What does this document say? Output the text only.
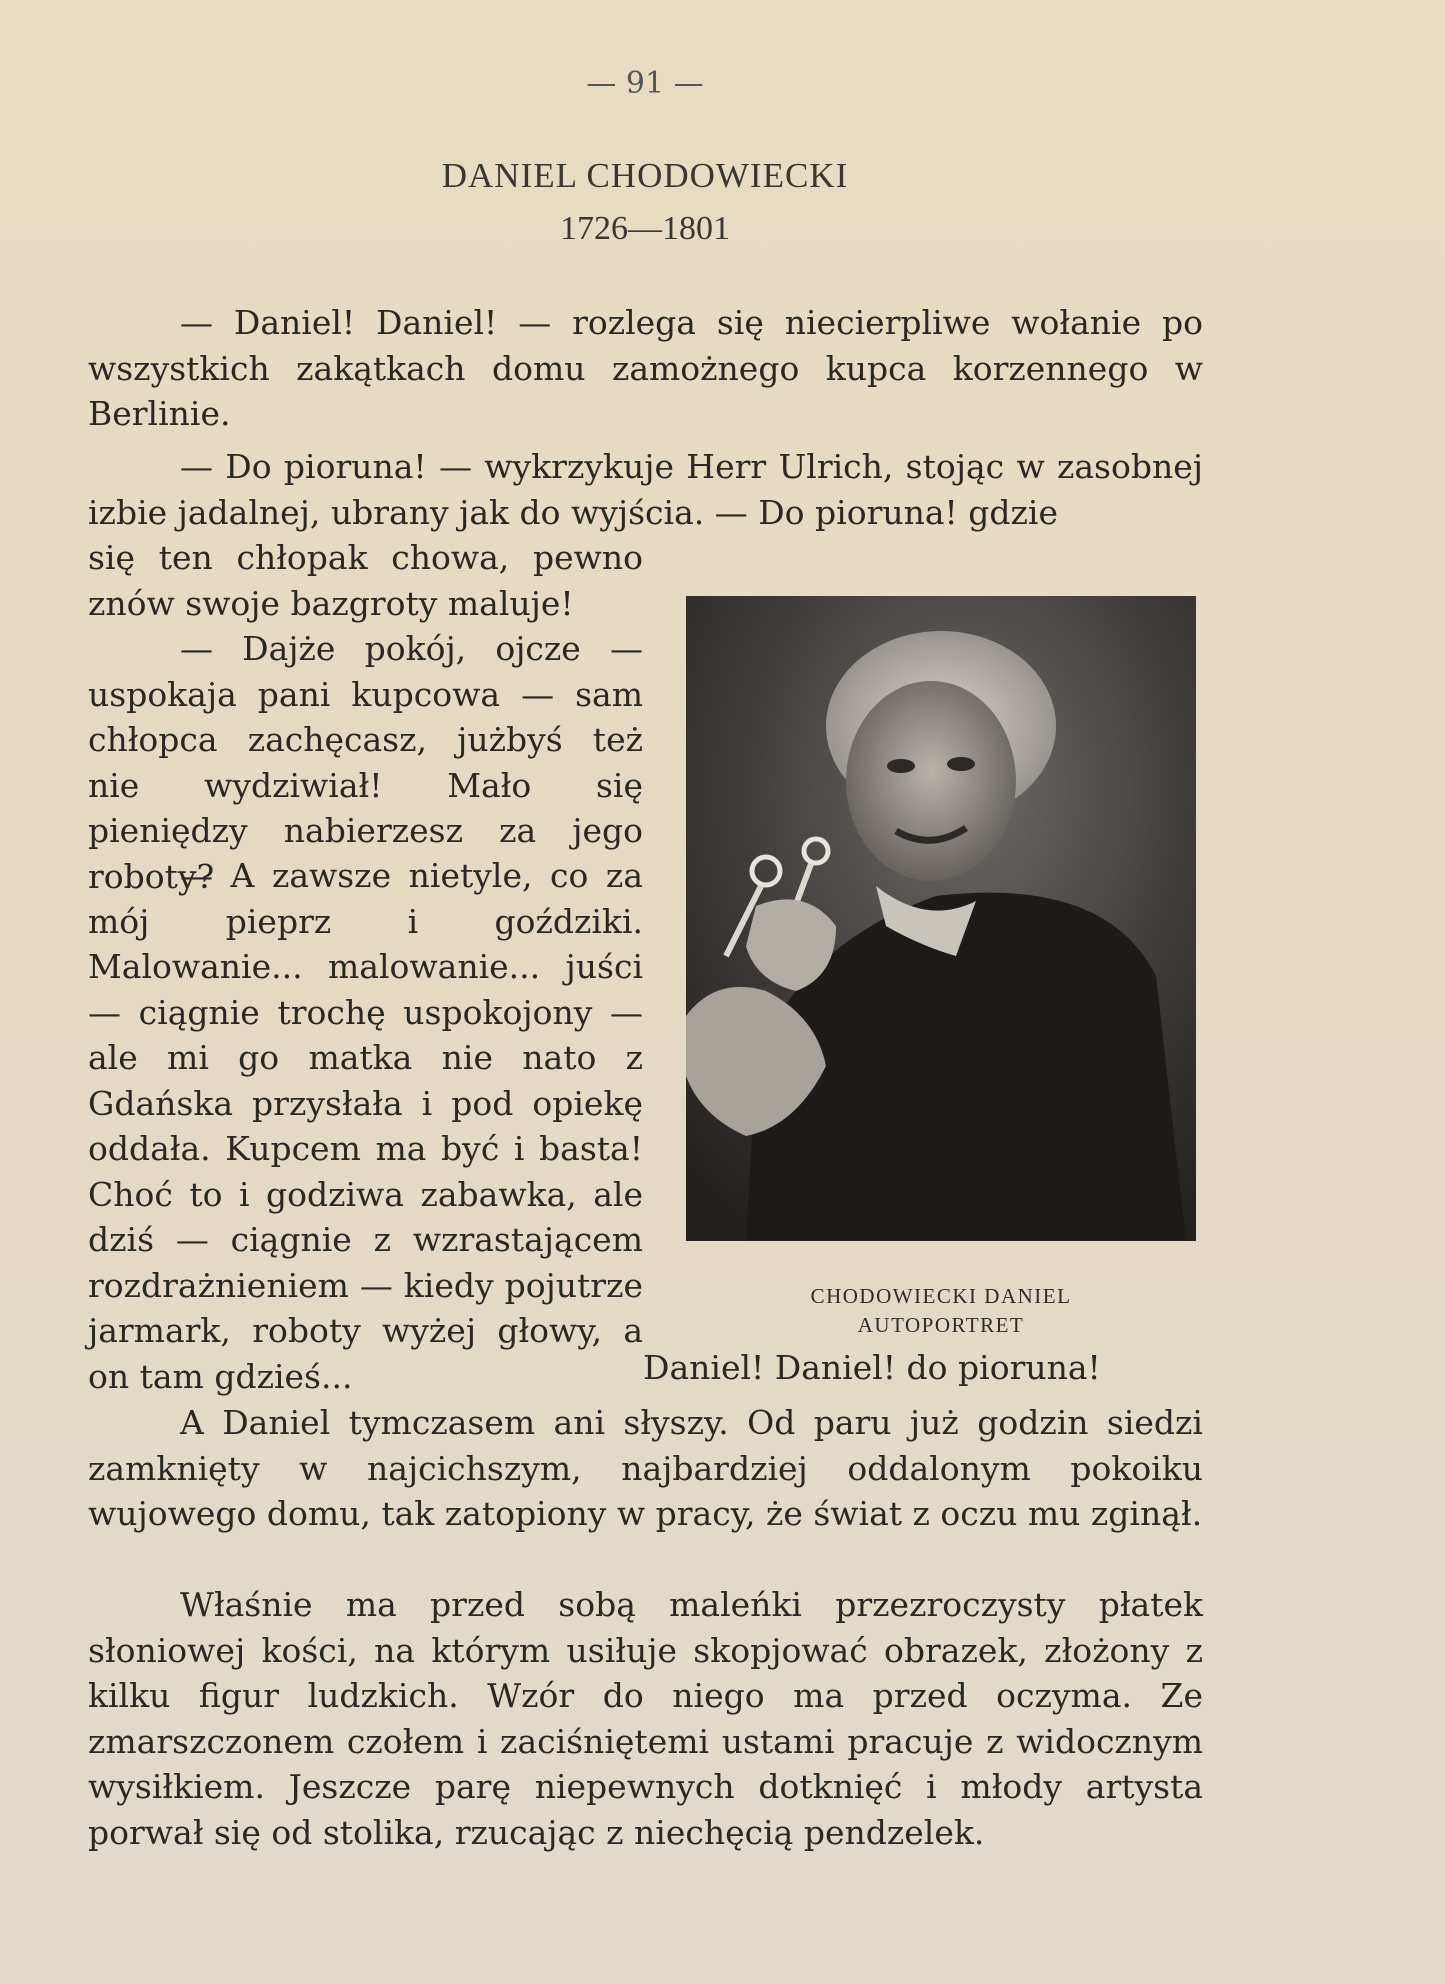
— 91 —
DANIEL CHODOWIECKI
1726—1801

— Daniel! Daniel! — rozlega się niecierpliwe wołanie po wszystkich zakątkach domu zamożnego kupca korzennego w Berlinie.

— Do pioruna! — wykrzykuje Herr Ulrich, stojąc w zasobnej izbie jadalnej, ubrany jak do wyjścia. — Do pioruna! gdzie

się ten chłopak chowa, pewno znów swoje bazgroty maluje!

— Dajże pokój, ojcze — uspokaja pani kupcowa — sam chłopca zachęcasz, jużbyś też nie wydziwiał! Mało się pieniędzy nabierzesz za jego roboty?

— A zawsze nietyle, co za mój pieprz i goździki. Malowanie... malowanie... juści — ciągnie trochę uspokojony — ale mi go matka nie nato z Gdańska przysłała i pod opiekę oddała. Kupcem ma być i basta! Choć to i godziwa zabawka, ale dziś — ciągnie z wzrastającem rozdrażnieniem — kiedy pojutrze jarmark, roboty wyżej głowy, a on tam gdzieś...	Daniel! Daniel! do pioruna!

A Daniel tymczasem ani słyszy. Od paru już godzin siedzi zamknięty w najcichszym, najbardziej oddalonym pokoiku wujowego domu, tak zatopiony w pracy, że świat z oczu mu zginął.

Właśnie ma przed sobą maleńki przezroczysty płatek słoniowej kości, na którym usiłuje skopjować obrazek, złożony z kilku figur ludzkich. Wzór do niego ma przed oczyma. Ze zmarszczonem czołem i zaciśniętemi ustami pracuje z widocznym wysiłkiem. Jeszcze parę niepewnych dotknięć i młody artysta porwał się od stolika, rzucając z niechęcią pendzelek.

CHODOWIECKI DANIEL
AUTOPORTRET
